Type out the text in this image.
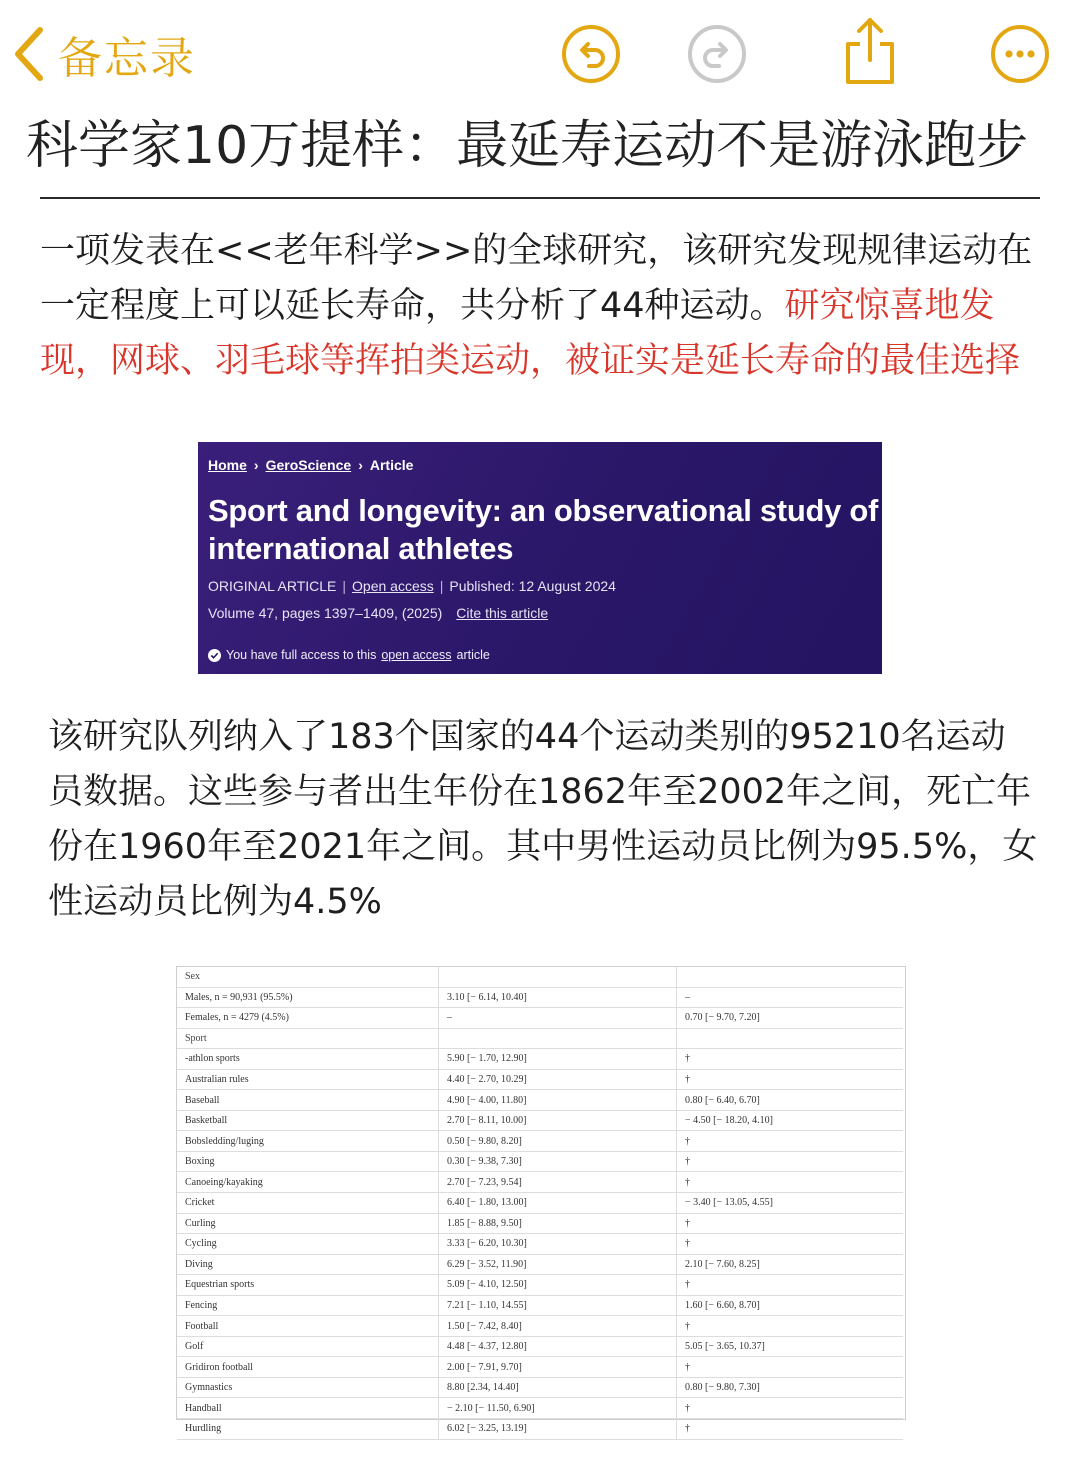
备忘录
科学家10万提样：最延寿运动不是游泳跑步
一项发表在<<老年科学>>的全球研究，该研究发现规律运动在一定程度上可以延长寿命，共分析了44种运动。研究惊喜地发现，网球、羽毛球等挥拍类运动，被证实是延长寿命的最佳选择
Home › GeroScience › Article
Sport and longevity: an observational study of international athletes
ORIGINAL ARTICLE | Open access | Published: 12 August 2024
Volume 47, pages 1397–1409, (2025) Cite this article
You have full access to this open access article
该研究队列纳入了183个国家的44个运动类别的95210名运动员数据。这些参与者出生年份在1862年至2002年之间，死亡年份在1960年至2021年之间。其中男性运动员比例为95.5%，女性运动员比例为4.5%
Sex		
Males, n = 90,931 (95.5%)	3.10 [− 6.14, 10.40]	–
Females, n = 4279 (4.5%)	–	0.70 [− 9.70, 7.20]
Sport		
-athlon sports	5.90 [− 1.70, 12.90]	†
Australian rules	4.40 [− 2.70, 10.29]	†
Baseball	4.90 [− 4.00, 11.80]	0.80 [− 6.40, 6.70]
Basketball	2.70 [− 8.11, 10.00]	− 4.50 [− 18.20, 4.10]
Bobsledding/luging	0.50 [− 9.80, 8.20]	†
Boxing	0.30 [− 9.38, 7.30]	†
Canoeing/kayaking	2.70 [− 7.23, 9.54]	†
Cricket	6.40 [− 1.80, 13.00]	− 3.40 [− 13.05, 4.55]
Curling	1.85 [− 8.88, 9.50]	†
Cycling	3.33 [− 6.20, 10.30]	†
Diving	6.29 [− 3.52, 11.90]	2.10 [− 7.60, 8.25]
Equestrian sports	5.09 [− 4.10, 12.50]	†
Fencing	7.21 [− 1.10, 14.55]	1.60 [− 6.60, 8.70]
Football	1.50 [− 7.42, 8.40]	†
Golf	4.48 [− 4.37, 12.80]	5.05 [− 3.65, 10.37]
Gridiron football	2.00 [− 7.91, 9.70]	†
Gymnastics	8.80 [2.34, 14.40]	0.80 [− 9.80, 7.30]
Handball	− 2.10 [− 11.50, 6.90]	†
Hurdling	6.02 [− 3.25, 13.19]	†
